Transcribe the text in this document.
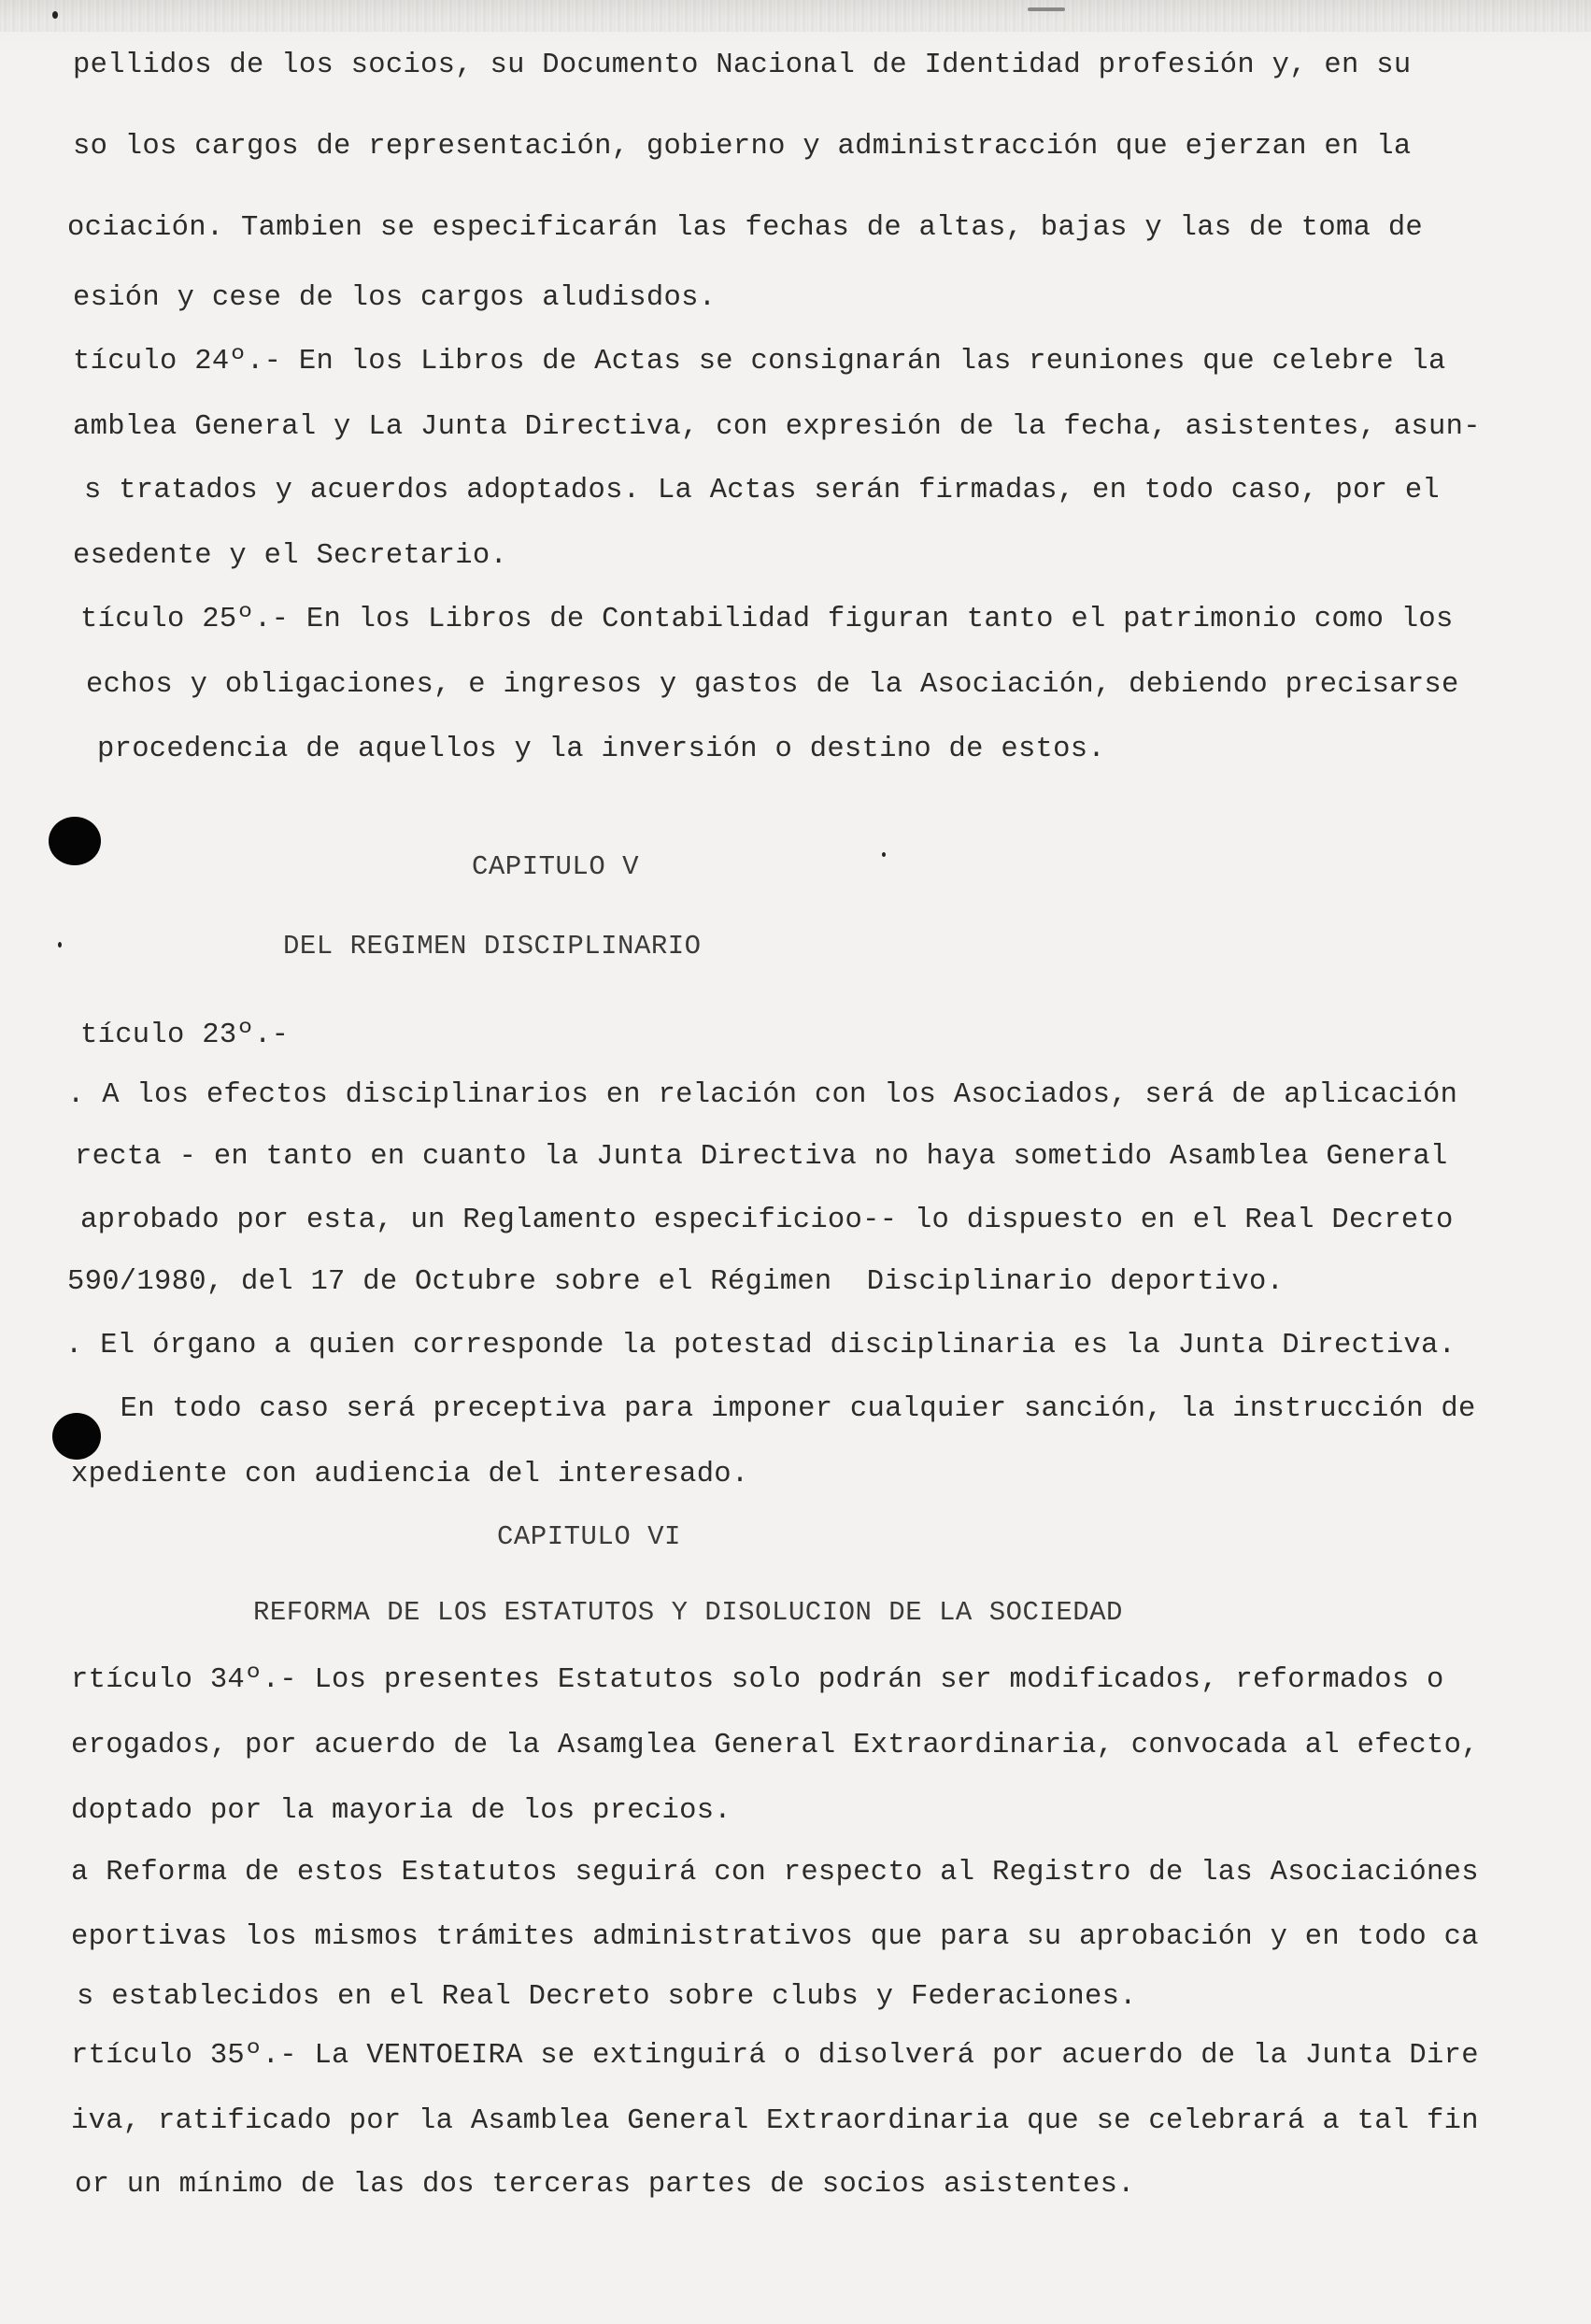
pellidos de los socios, su Documento Nacional de Identidad profesión y, en su

so los cargos de representación, gobierno y administracción que ejerzan en la

ociación. Tambien se especificarán las fechas de altas, bajas y las de toma de

esión y cese de los cargos aludisdos.

tículo 24º.- En los Libros de Actas se consignarán las reuniones que celebre la

amblea General y La Junta Directiva, con expresión de la fecha, asistentes, asun-

s tratados y acuerdos adoptados. La Actas serán firmadas, en todo caso, por el

esedente y el Secretario.

tículo 25º.- En los Libros de Contabilidad figuran tanto el patrimonio como los

echos y obligaciones, e ingresos y gastos de la Asociación, debiendo precisarse

procedencia de aquellos y la inversión o destino de estos.

CAPITULO V

DEL REGIMEN DISCIPLINARIO

tículo 23º.-

. A los efectos disciplinarios en relación con los Asociados, será de aplicación

recta - en tanto en cuanto la Junta Directiva no haya sometido Asamblea General

aprobado por esta, un Reglamento especificioo-- lo dispuesto en el Real Decreto

590/1980, del 17 de Octubre sobre el Régimen  Disciplinario deportivo.

. El órgano a quien corresponde la potestad disciplinaria es la Junta Directiva.

En todo caso será preceptiva para imponer cualquier sanción, la instrucción de

xpediente con audiencia del interesado.

CAPITULO VI

REFORMA DE LOS ESTATUTOS Y DISOLUCION DE LA SOCIEDAD

rtículo 34º.- Los presentes Estatutos solo podrán ser modificados, reformados o

erogados, por acuerdo de la Asamglea General Extraordinaria, convocada al efecto,

doptado por la mayoria de los precios.

a Reforma de estos Estatutos seguirá con respecto al Registro de las Asociaciónes

eportivas los mismos trámites administrativos que para su aprobación y en todo ca

s establecidos en el Real Decreto sobre clubs y Federaciones.

rtículo 35º.- La VENTOEIRA se extinguirá o disolverá por acuerdo de la Junta Dire

iva, ratificado por la Asamblea General Extraordinaria que se celebrará a tal fin

or un mínimo de las dos terceras partes de socios asistentes.
